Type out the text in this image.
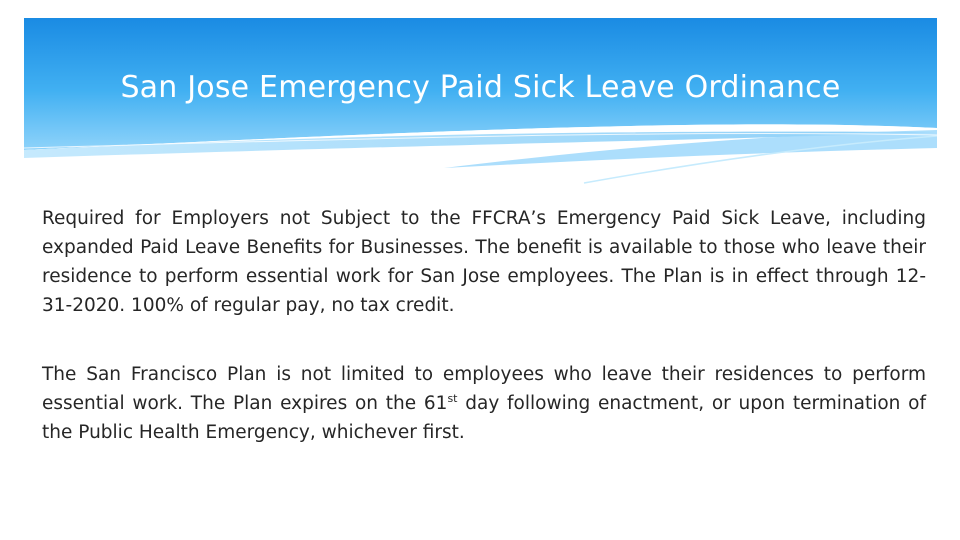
San Jose Emergency Paid Sick Leave Ordinance

Required for Employers not Subject to the FFCRA’s Emergency Paid Sick Leave, including expanded Paid Leave Benefits for Businesses. The benefit is available to those who leave their residence to perform essential work for San Jose employees. The Plan is in effect through 12-31-2020. 100% of regular pay, no tax credit.

The San Francisco Plan is not limited to employees who leave their residences to perform essential work. The Plan expires on the 61st day following enactment, or upon termination of the Public Health Emergency, whichever first.
